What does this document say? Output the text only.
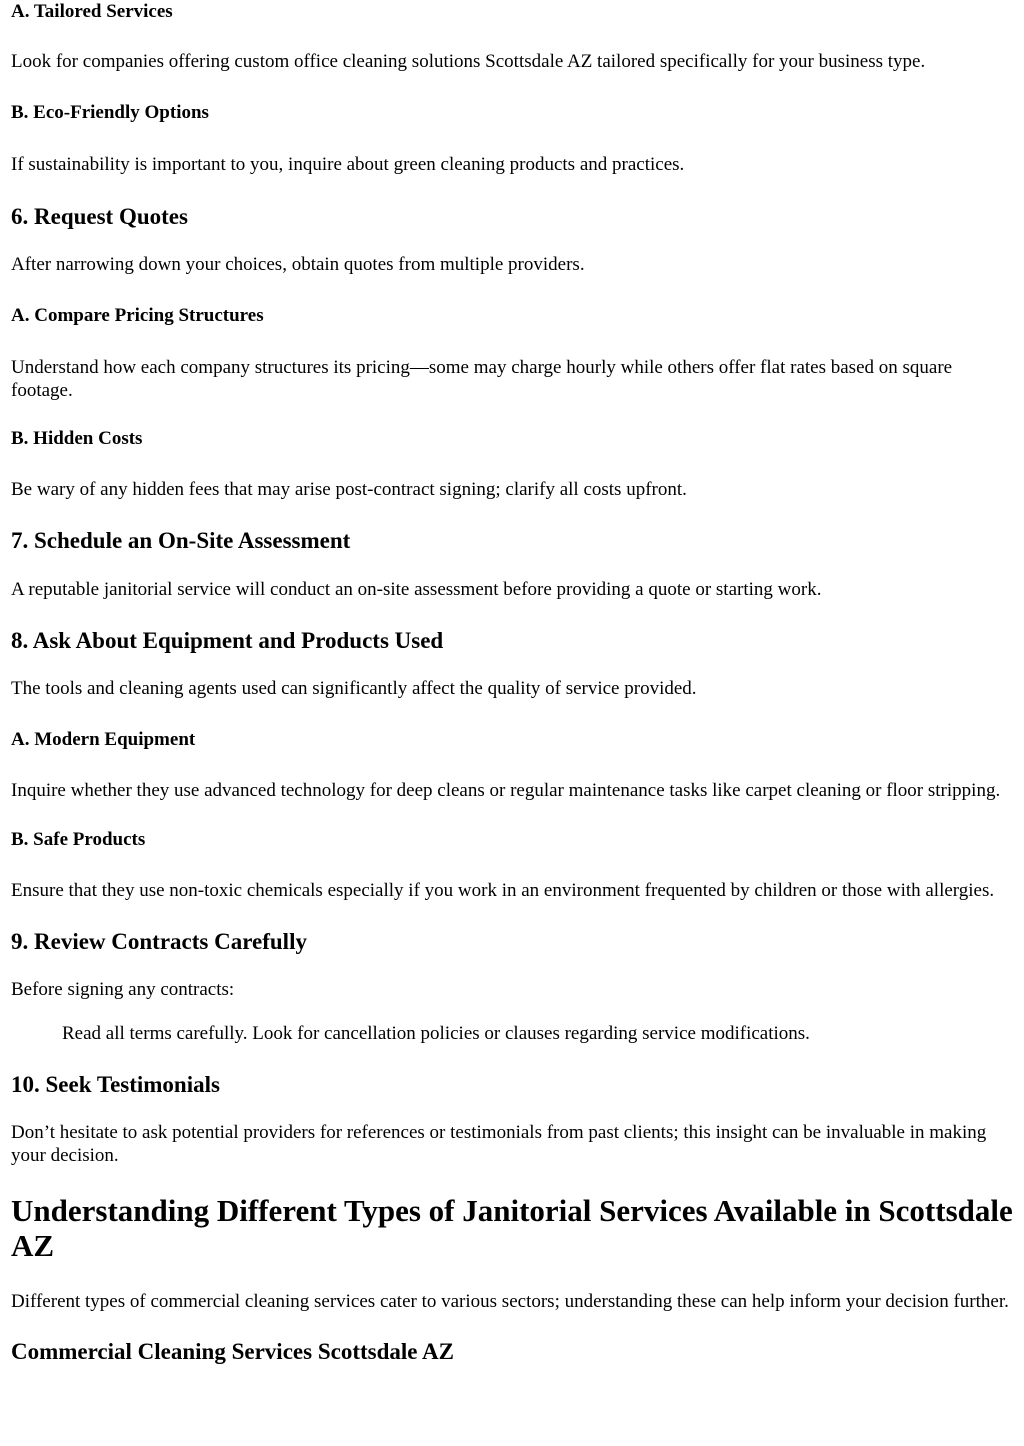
A. Tailored Services

Look for companies offering custom office cleaning solutions Scottsdale AZ tailored specifically for your business type.

B. Eco-Friendly Options

If sustainability is important to you, inquire about green cleaning products and practices.

6. Request Quotes

After narrowing down your choices, obtain quotes from multiple providers.

A. Compare Pricing Structures

Understand how each company structures its pricing—some may charge hourly while others offer flat rates based on square footage.

B. Hidden Costs

Be wary of any hidden fees that may arise post-contract signing; clarify all costs upfront.

7. Schedule an On-Site Assessment

A reputable janitorial service will conduct an on-site assessment before providing a quote or starting work.

8. Ask About Equipment and Products Used

The tools and cleaning agents used can significantly affect the quality of service provided.

A. Modern Equipment

Inquire whether they use advanced technology for deep cleans or regular maintenance tasks like carpet cleaning or floor stripping.

B. Safe Products

Ensure that they use non-toxic chemicals especially if you work in an environment frequented by children or those with allergies.

9. Review Contracts Carefully

Before signing any contracts:

Read all terms carefully. Look for cancellation policies or clauses regarding service modifications.

10. Seek Testimonials

Don’t hesitate to ask potential providers for references or testimonials from past clients; this insight can be invaluable in making your decision.

Understanding Different Types of Janitorial Services Available in Scottsdale AZ

Different types of commercial cleaning services cater to various sectors; understanding these can help inform your decision further.

Commercial Cleaning Services Scottsdale AZ
